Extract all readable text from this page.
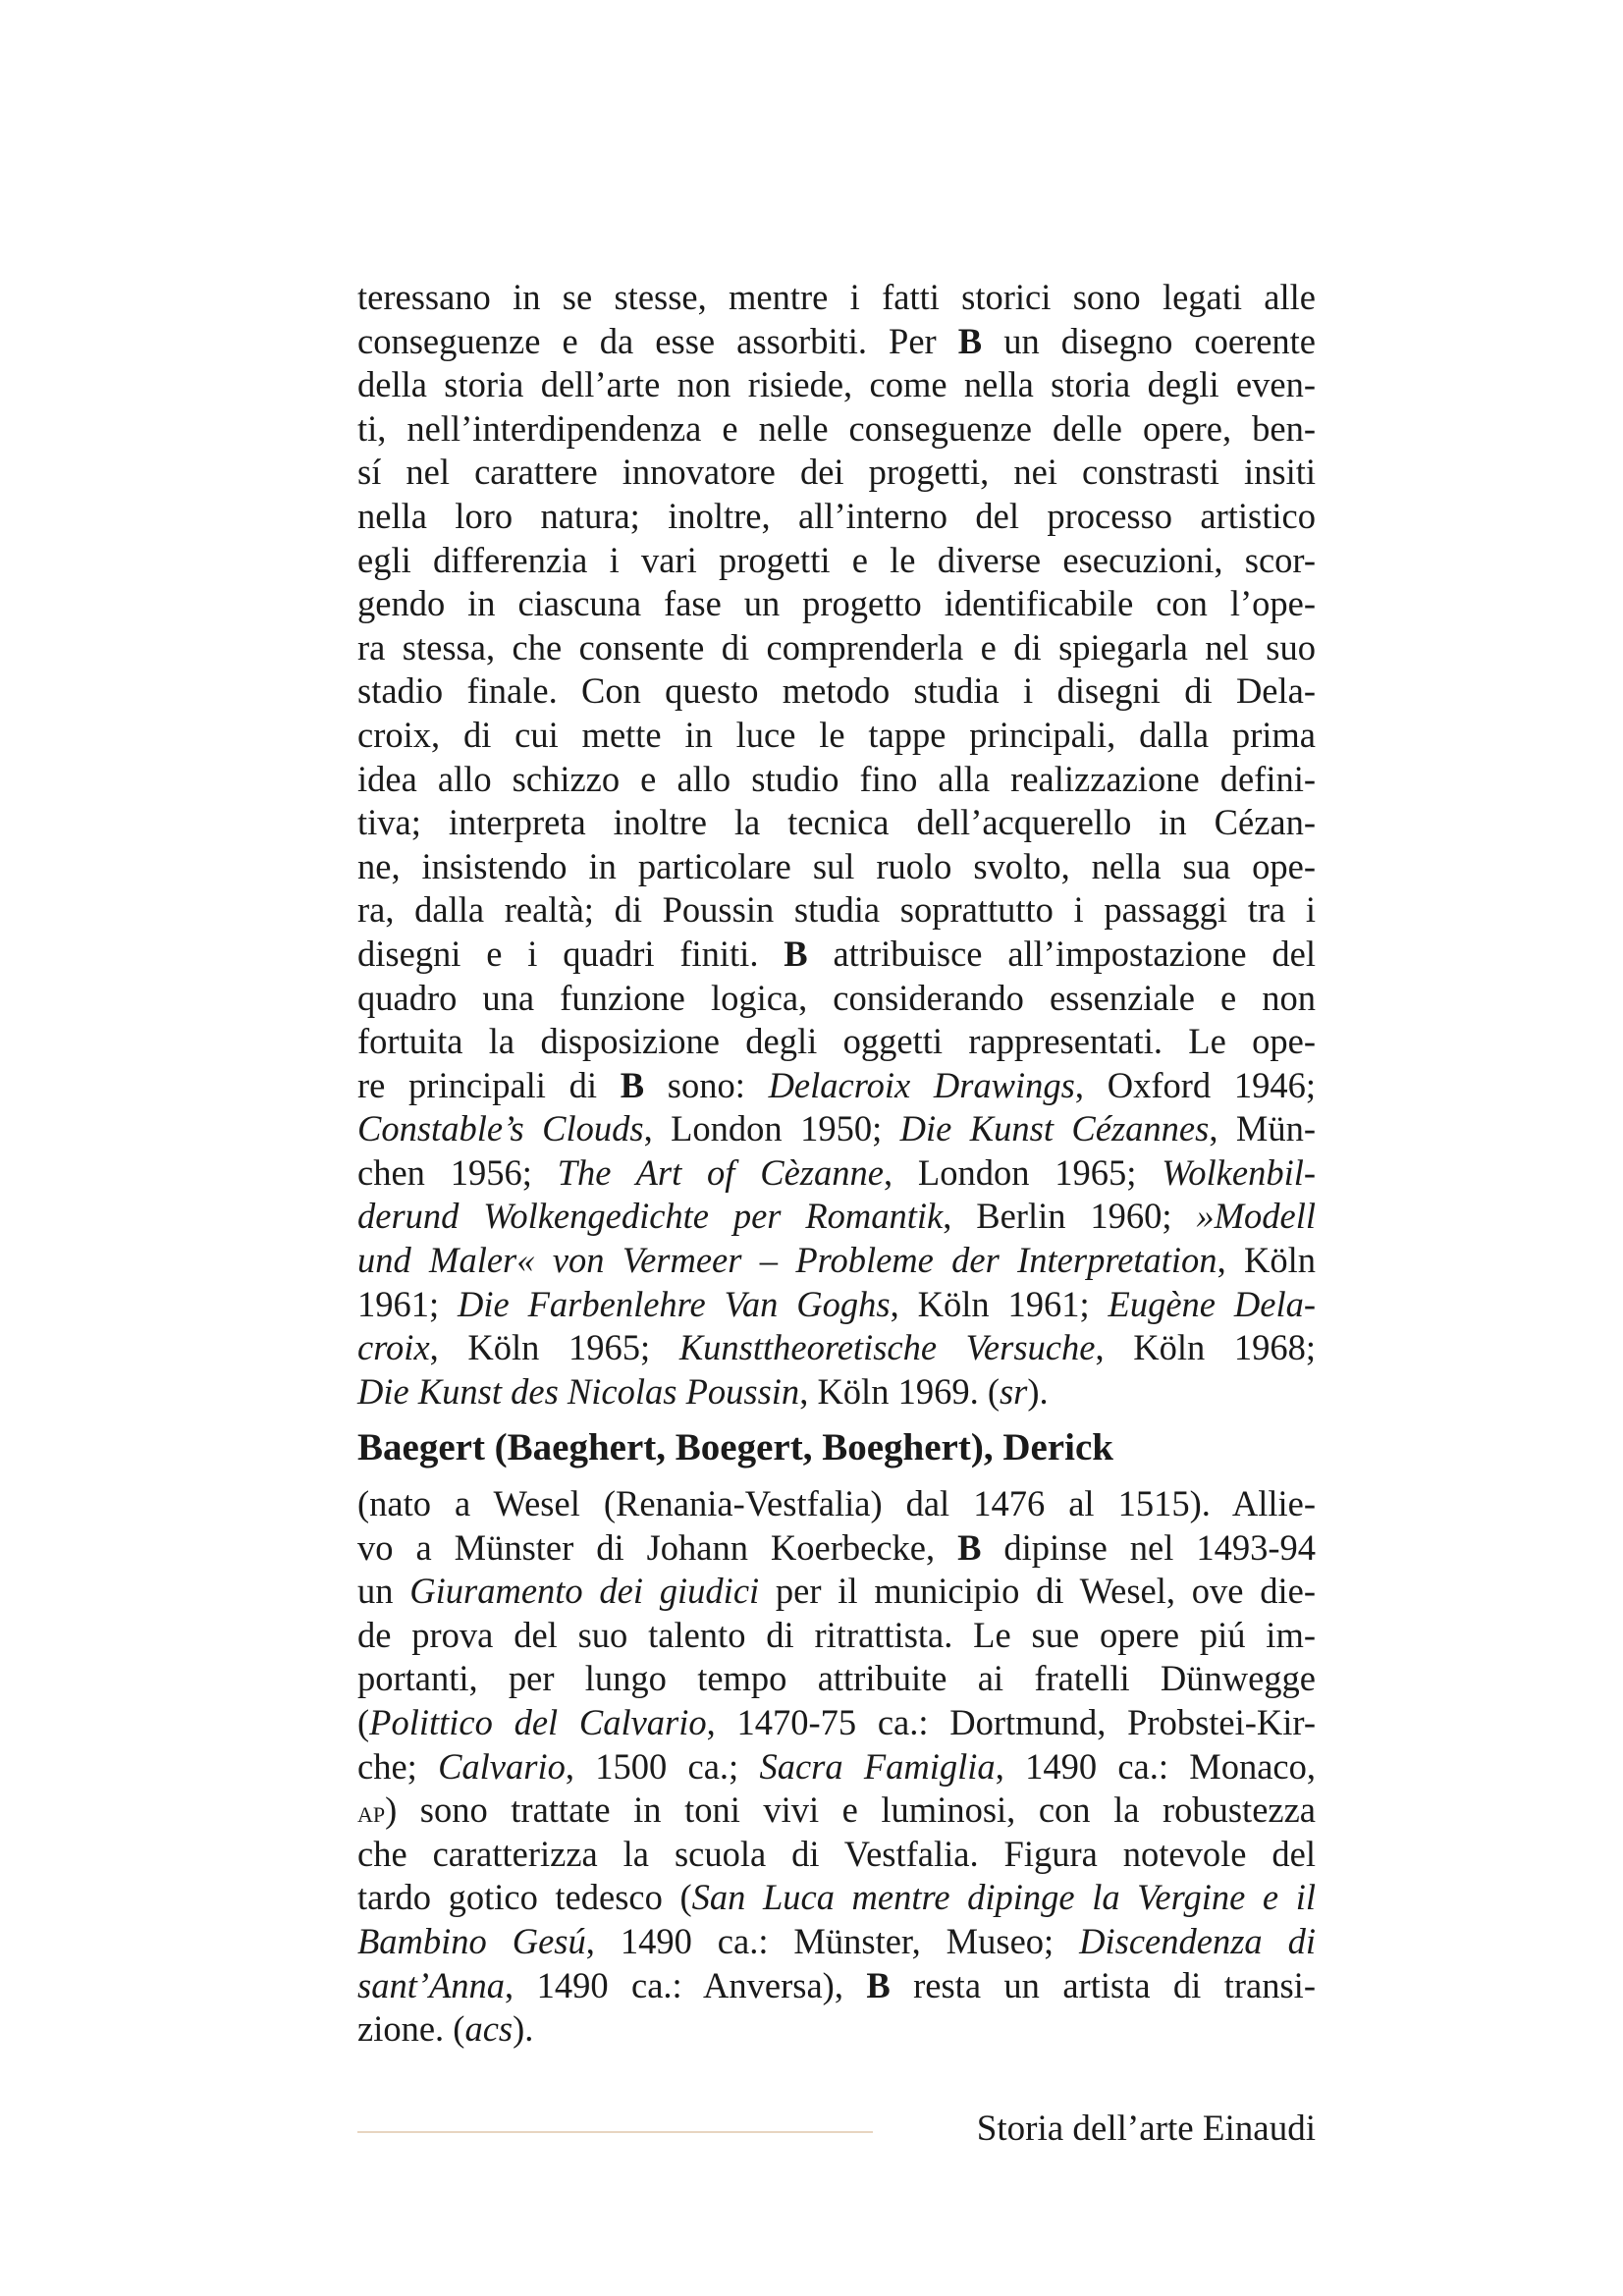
teressano in se stesse, mentre i fatti storici sono legati alle
conseguenze e da esse assorbiti. Per B un disegno coerente
della storia dell’arte non risiede, come nella storia degli even-
ti, nell’interdipendenza e nelle conseguenze delle opere, ben-
sí nel carattere innovatore dei progetti, nei constrasti insiti
nella loro natura; inoltre, all’interno del processo artistico
egli differenzia i vari progetti e le diverse esecuzioni, scor-
gendo in ciascuna fase un progetto identificabile con l’ope-
ra stessa, che consente di comprenderla e di spiegarla nel suo
stadio finale. Con questo metodo studia i disegni di Dela-
croix, di cui mette in luce le tappe principali, dalla prima
idea allo schizzo e allo studio fino alla realizzazione defini-
tiva; interpreta inoltre la tecnica dell’acquerello in Cézan-
ne, insistendo in particolare sul ruolo svolto, nella sua ope-
ra, dalla realtà; di Poussin studia soprattutto i passaggi tra i
disegni e i quadri finiti. B attribuisce all’impostazione del
quadro una funzione logica, considerando essenziale e non
fortuita la disposizione degli oggetti rappresentati. Le ope-
re principali di B sono: Delacroix Drawings, Oxford 1946;
Constable’s Clouds, London 1950; Die Kunst Cézannes, Mün-
chen 1956; The Art of Cèzanne, London 1965; Wolkenbil-
derund Wolkengedichte per Romantik, Berlin 1960; »Modell
und Maler« von Vermeer – Probleme der Interpretation, Köln
1961; Die Farbenlehre Van Goghs, Köln 1961; Eugène Dela-
croix, Köln 1965; Kunsttheoretische Versuche, Köln 1968;
Die Kunst des Nicolas Poussin, Köln 1969. (sr).
Baegert (Baeghert, Boegert, Boeghert), Derick
(nato a Wesel (Renania-Vestfalia) dal 1476 al 1515). Allie-
vo a Münster di Johann Koerbecke, B dipinse nel 1493-94
un Giuramento dei giudici per il municipio di Wesel, ove die-
de prova del suo talento di ritrattista. Le sue opere piú im-
portanti, per lungo tempo attribuite ai fratelli Dünwegge
(Polittico del Calvario, 1470-75 ca.: Dortmund, Probstei-Kir-
che; Calvario, 1500 ca.; Sacra Famiglia, 1490 ca.: Monaco,
ap) sono trattate in toni vivi e luminosi, con la robustezza
che caratterizza la scuola di Vestfalia. Figura notevole del
tardo gotico tedesco (San Luca mentre dipinge la Vergine e il
Bambino Gesú, 1490 ca.: Münster, Museo; Discendenza di
sant’Anna, 1490 ca.: Anversa), B resta un artista di transi-
zione. (acs).
Storia dell’arte Einaudi
